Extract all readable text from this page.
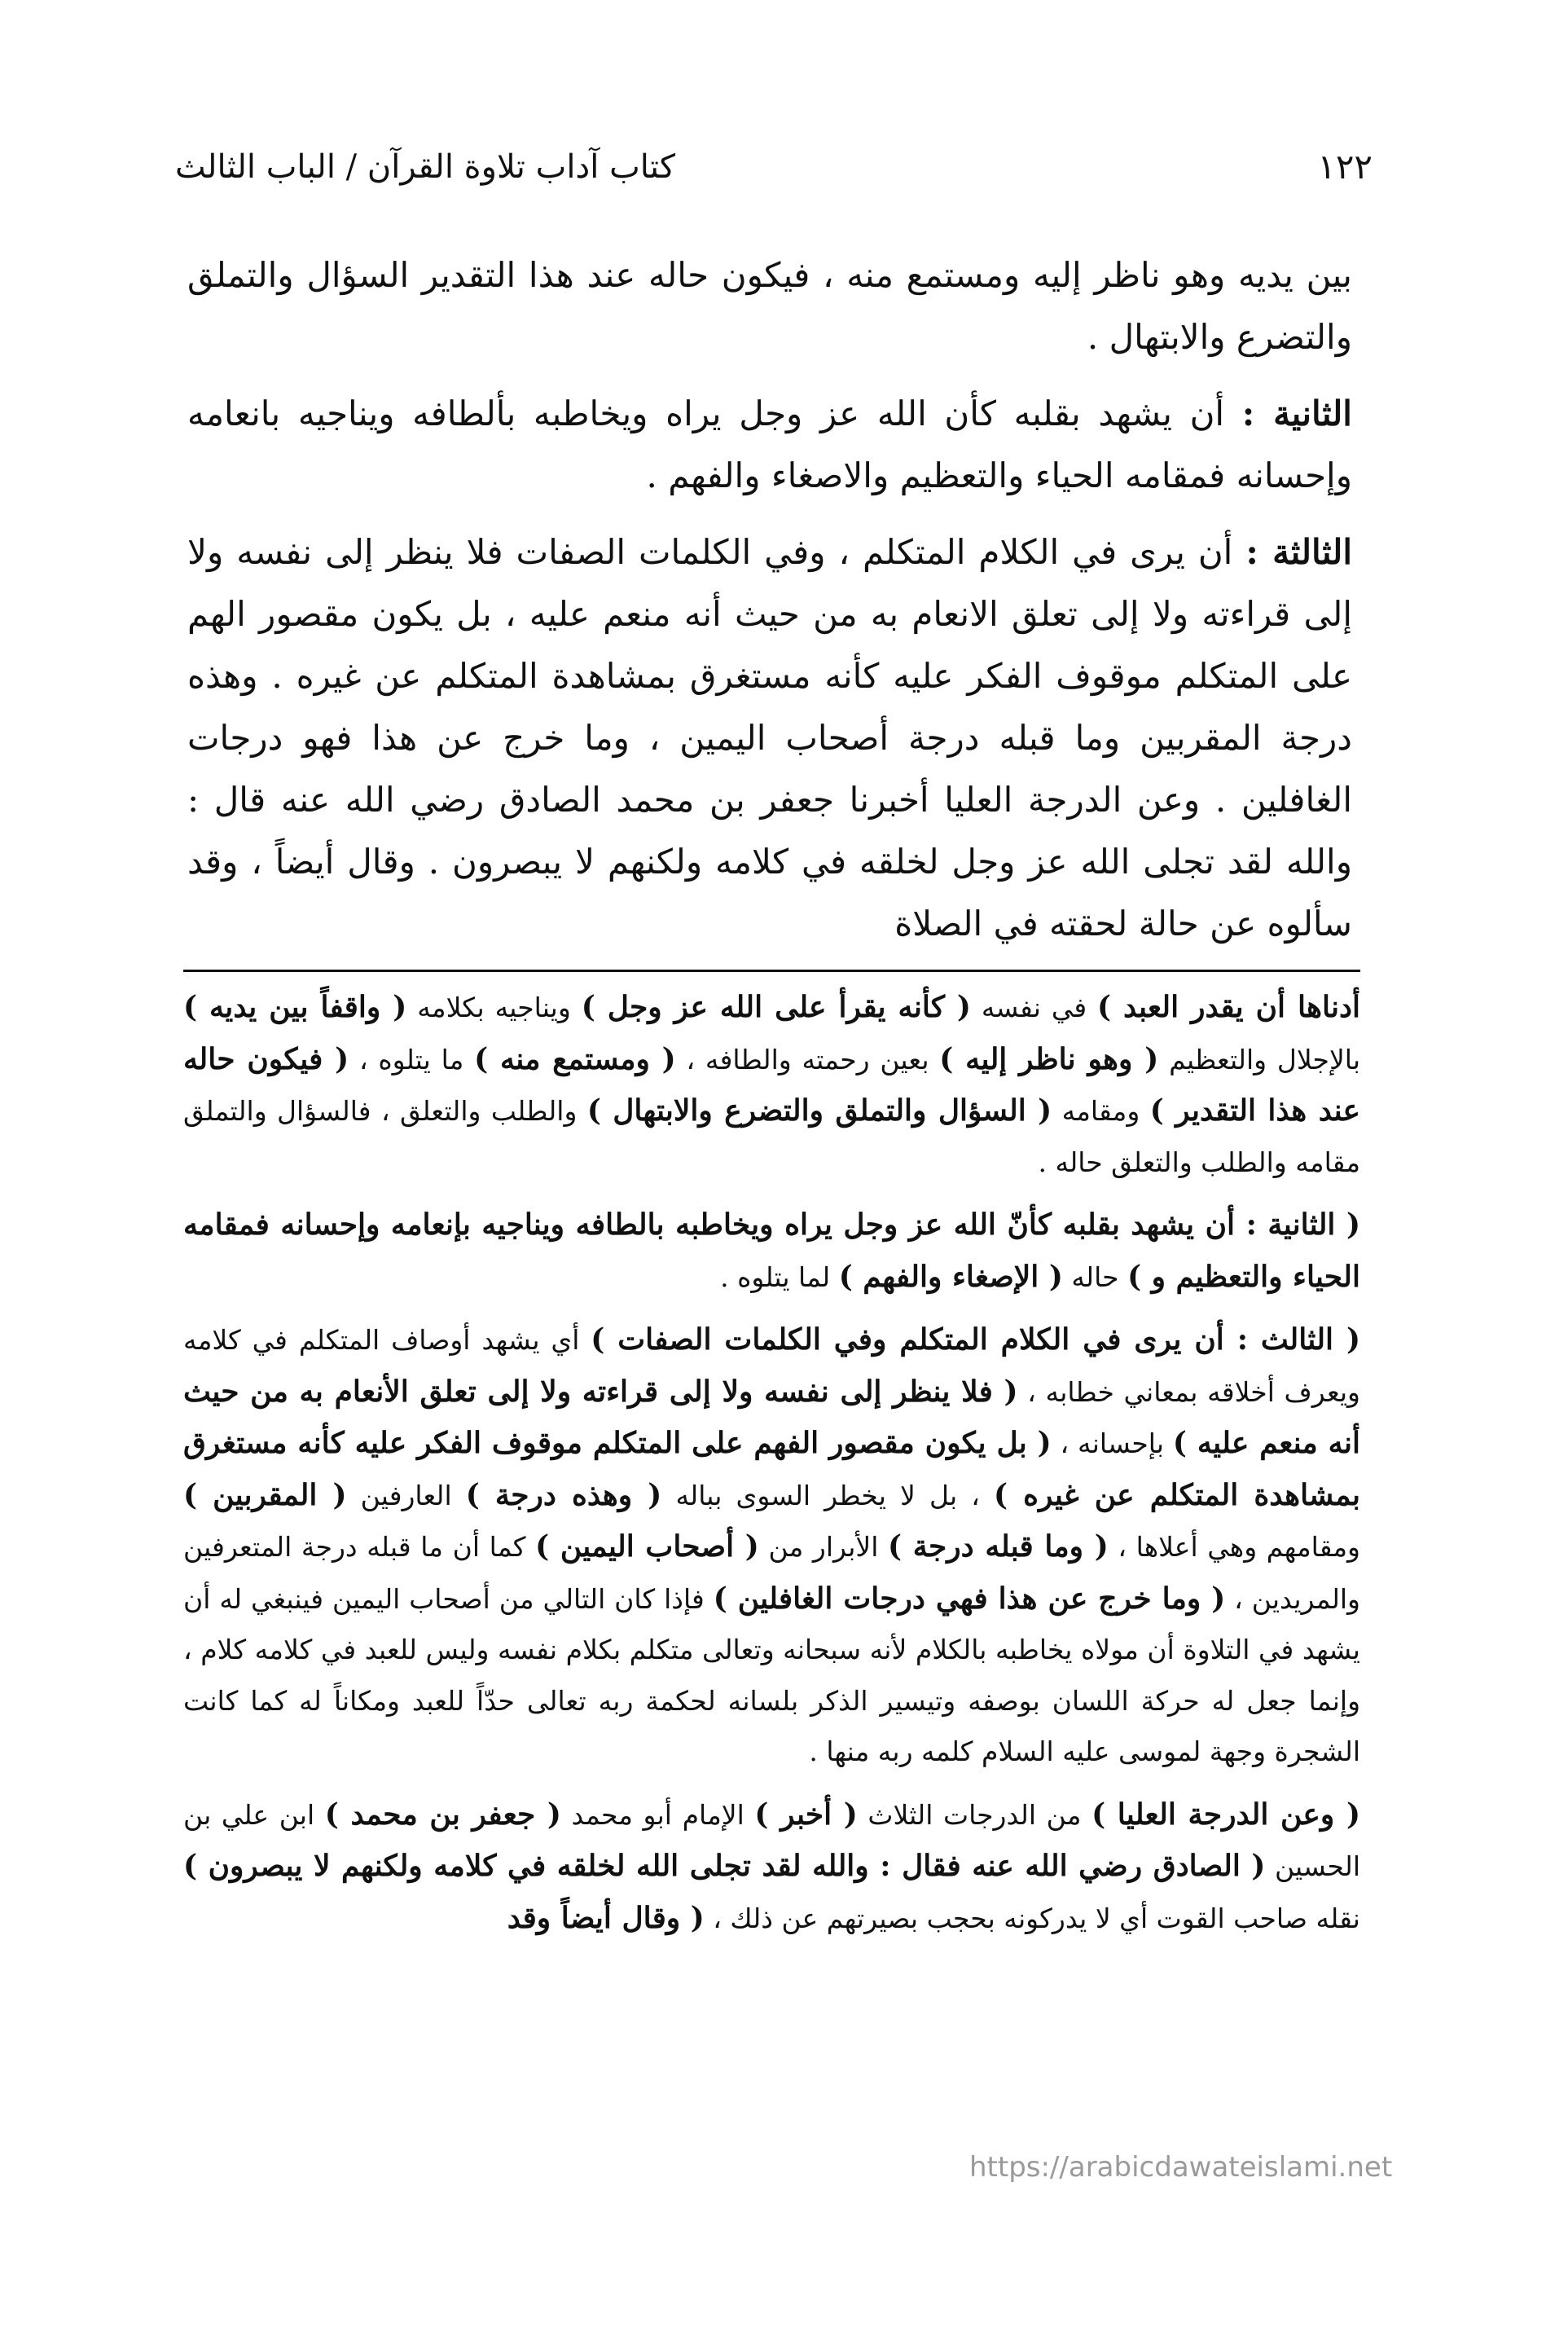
١٢٢
كتاب آداب تلاوة القرآن / الباب الثالث

بين يديه وهو ناظر إليه ومستمع منه ، فيكون حاله عند هذا التقدير السؤال والتملق والتضرع والابتهال .

الثانية : أن يشهد بقلبه كأن الله عز وجل يراه ويخاطبه بألطافه ويناجيه بانعامه وإحسانه فمقامه الحياء والتعظيم والاصغاء والفهم .

الثالثة : أن يرى في الكلام المتكلم ، وفي الكلمات الصفات فلا ينظر إلى نفسه ولا إلى قراءته ولا إلى تعلق الانعام به من حيث أنه منعم عليه ، بل يكون مقصور الهم على المتكلم موقوف الفكر عليه كأنه مستغرق بمشاهدة المتكلم عن غيره . وهذه درجة المقربين وما قبله درجة أصحاب اليمين ، وما خرج عن هذا فهو درجات الغافلين . وعن الدرجة العليا أخبرنا جعفر بن محمد الصادق رضي الله عنه قال : والله لقد تجلى الله عز وجل لخلقه في كلامه ولكنهم لا يبصرون . وقال أيضاً ، وقد سألوه عن حالة لحقته في الصلاة

أدناها أن يقدر العبد ) في نفسه ( كأنه يقرأ على الله عز وجل ) ويناجيه بكلامه ( واقفاً بين يديه ) بالإجلال والتعظيم ( وهو ناظر إليه ) بعين رحمته والطافه ، ( ومستمع منه ) ما يتلوه ، ( فيكون حاله عند هذا التقدير ) ومقامه ( السؤال والتملق والتضرع والابتهال ) والطلب والتعلق ، فالسؤال والتملق مقامه والطلب والتعلق حاله .

( الثانية : أن يشهد بقلبه كأنّ الله عز وجل يراه ويخاطبه بالطافه ويناجيه بإنعامه وإحسانه فمقامه الحياء والتعظيم و ) حاله ( الإصغاء والفهم ) لما يتلوه .

( الثالث : أن يرى في الكلام المتكلم وفي الكلمات الصفات ) أي يشهد أوصاف المتكلم في كلامه ويعرف أخلاقه بمعاني خطابه ، ( فلا ينظر إلى نفسه ولا إلى قراءته ولا إلى تعلق الأنعام به من حيث أنه منعم عليه ) بإحسانه ، ( بل يكون مقصور الفهم على المتكلم موقوف الفكر عليه كأنه مستغرق بمشاهدة المتكلم عن غيره ) ، بل لا يخطر السوى بباله ( وهذه درجة ) العارفين ( المقربين ) ومقامهم وهي أعلاها ، ( وما قبله درجة ) الأبرار من ( أصحاب اليمين ) كما أن ما قبله درجة المتعرفين والمريدين ، ( وما خرج عن هذا فهي درجات الغافلين ) فإذا كان التالي من أصحاب اليمين فينبغي له أن يشهد في التلاوة أن مولاه يخاطبه بالكلام لأنه سبحانه وتعالى متكلم بكلام نفسه وليس للعبد في كلامه كلام ، وإنما جعل له حركة اللسان بوصفه وتيسير الذكر بلسانه لحكمة ربه تعالى حدّاً للعبد ومكاناً له كما كانت الشجرة وجهة لموسى عليه السلام كلمه ربه منها .

( وعن الدرجة العليا ) من الدرجات الثلاث ( أخبر ) الإمام أبو محمد ( جعفر بن محمد ) ابن علي بن الحسين ( الصادق رضي الله عنه فقال : والله لقد تجلى الله لخلقه في كلامه ولكنهم لا يبصرون ) نقله صاحب القوت أي لا يدركونه بحجب بصيرتهم عن ذلك ، ( وقال أيضاً وقد

https://arabicdawateislami.net
